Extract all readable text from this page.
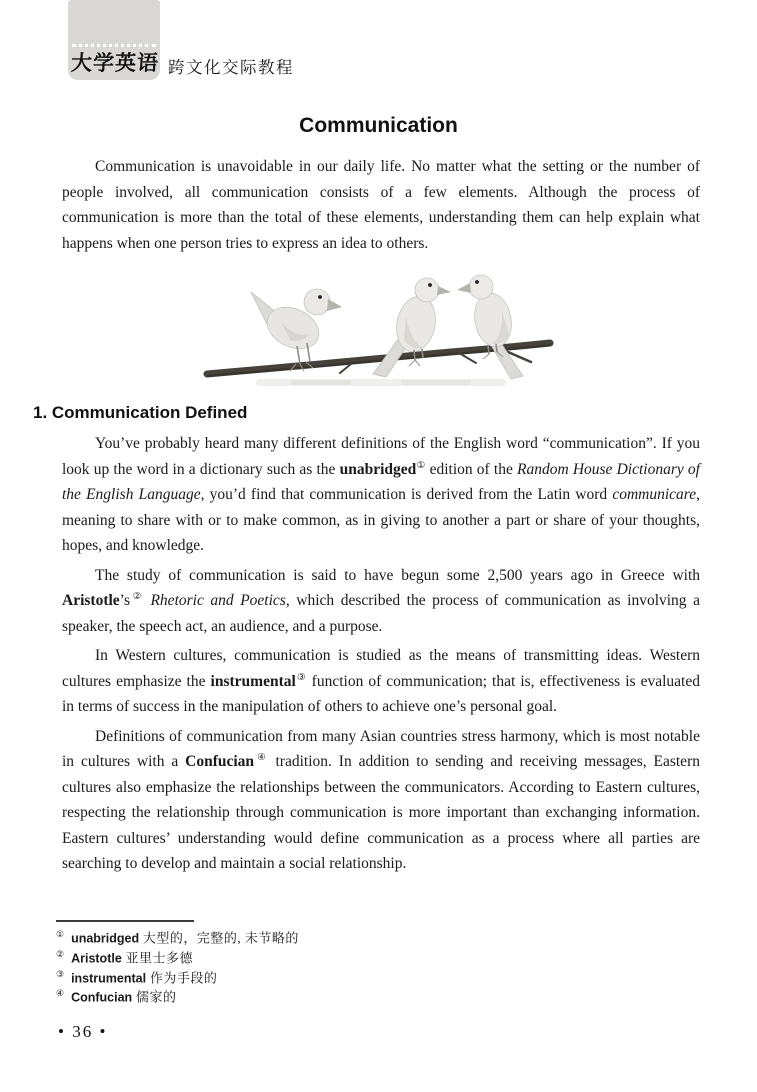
大学英语 跨文化交际教程
Communication

Communication is unavoidable in our daily life. No matter what the setting or the number of people involved, all communication consists of a few elements. Although the process of communication is more than the total of these elements, understanding them can help explain what happens when one person tries to express an idea to others.

1. Communication Defined

You’ve probably heard many different definitions of the English word “communication”. If you look up the word in a dictionary such as the unabridged① edition of the Random House Dictionary of the English Language, you’d find that communication is derived from the Latin word communicare, meaning to share with or to make common, as in giving to another a part or share of your thoughts, hopes, and knowledge.

The study of communication is said to have begun some 2,500 years ago in Greece with Aristotle’s② Rhetoric and Poetics, which described the process of communication as involving a speaker, the speech act, an audience, and a purpose.

In Western cultures, communication is studied as the means of transmitting ideas. Western cultures emphasize the instrumental③ function of communication; that is, effectiveness is evaluated in terms of success in the manipulation of others to achieve one’s personal goal.

Definitions of communication from many Asian countries stress harmony, which is most notable in cultures with a Confucian④ tradition. In addition to sending and receiving messages, Eastern cultures also emphasize the relationships between the communicators. According to Eastern cultures, respecting the relationship through communication is more important than exchanging information. Eastern cultures’ understanding would define communication as a process where all parties are searching to develop and maintain a social relationship.

① unabridged 大型的，完整的, 未节略的
② Aristotle 亚里士多德
③ instrumental 作为手段的
④ Confucian 儒家的
• 36 •
